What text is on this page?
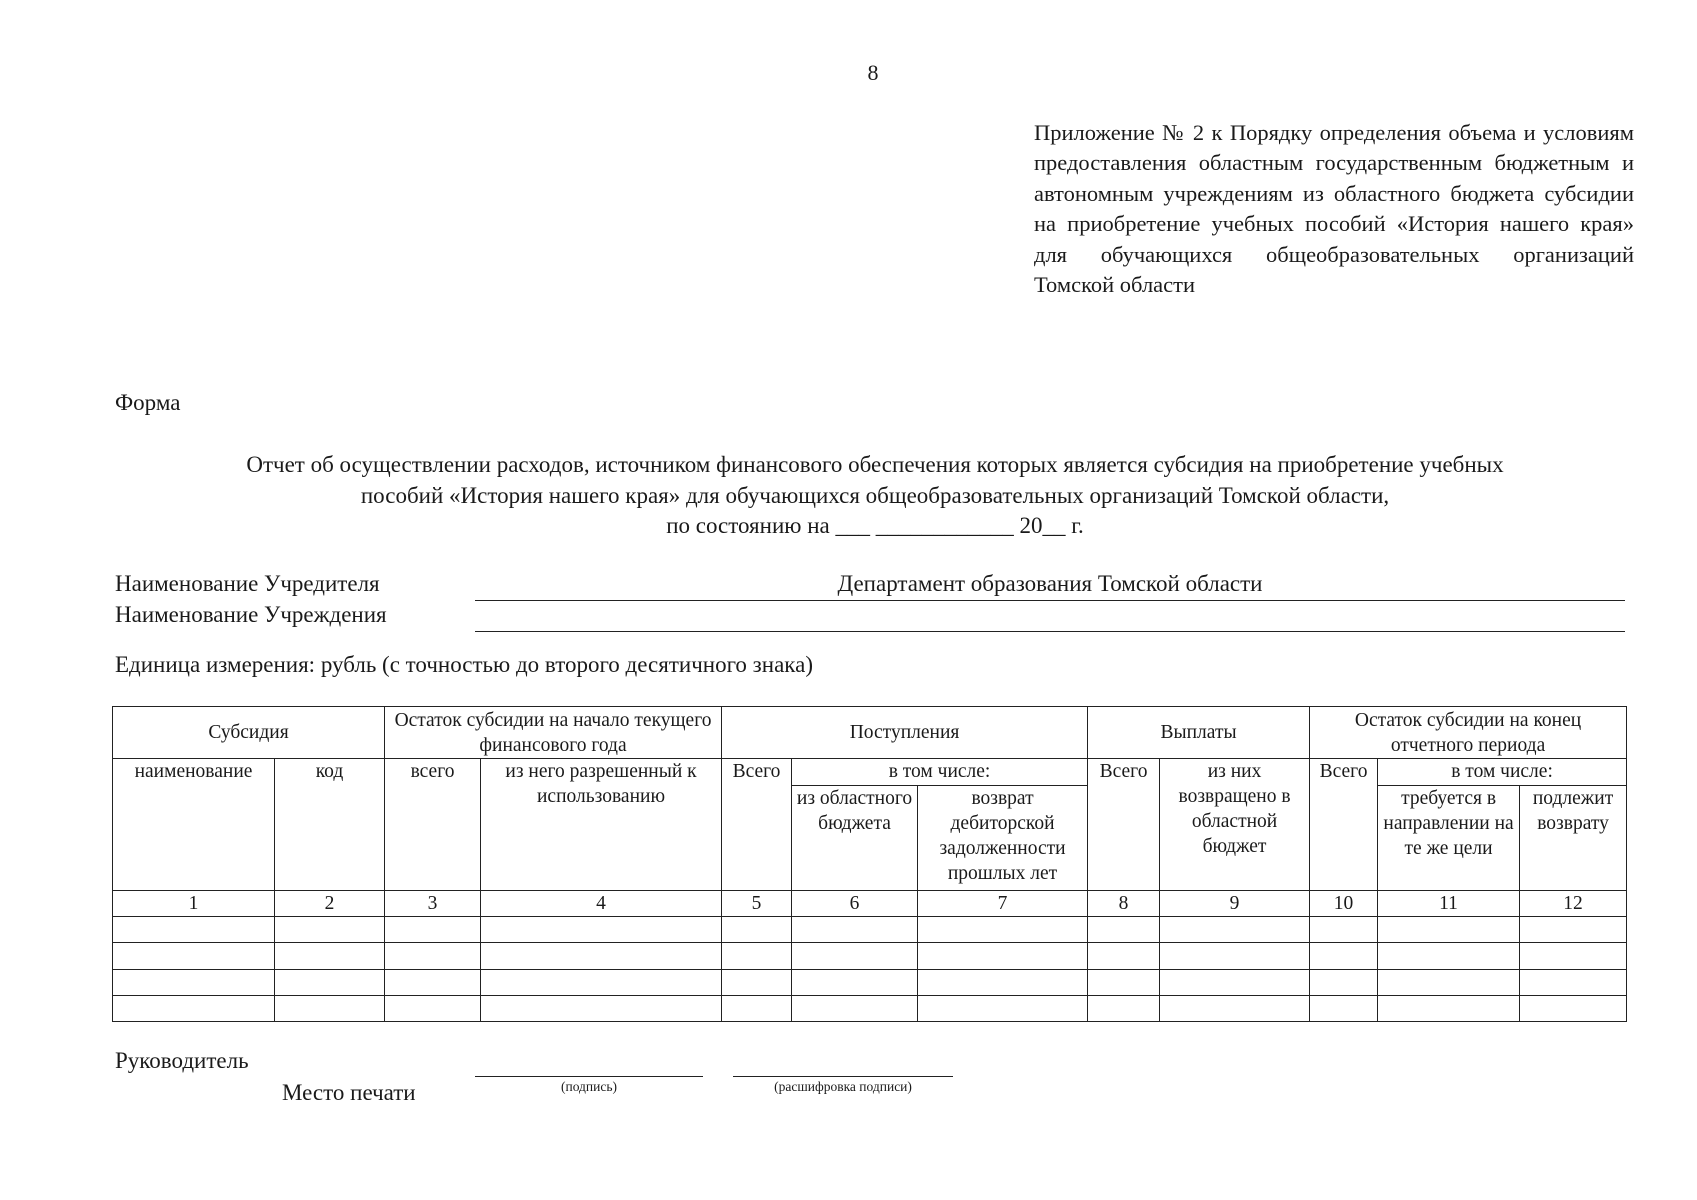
8
Приложение № 2 к Порядку определения объема и условиям предоставления областным государственным бюджетным и автономным учреждениям из областного бюджета субсидии на приобретение учебных пособий «История нашего края» для обучающихся общеобразовательных организаций Томской области
Форма
Отчет об осуществлении расходов, источником финансового обеспечения которых является субсидия на приобретение учебных
пособий «История нашего края» для обучающихся общеобразовательных организаций Томской области,
по состоянию на ___ ____________ 20__ г.
Наименование Учредителя	Департамент образования Томской области
Наименование Учреждения
Единица измерения: рубль (с точностью до второго десятичного знака)
Субсидия		Остаток субсидии на начало текущего финансового года		Поступления			Выплаты		Остаток субсидии на конец отчетного периода		
наименование	код	всего	из него разрешенный к использованию	Всего	в том числе:		Всего	из них возвращено в областной бюджет	Всего	в том числе:	
					из областного бюджета	возврат дебиторской задолженности прошлых лет				требуется в направлении на те же цели	подлежит возврату
1	2	3	4	5	6	7	8	9	10	11	12

Руководитель
Место печати	(подпись)	(расшифровка подписи)
